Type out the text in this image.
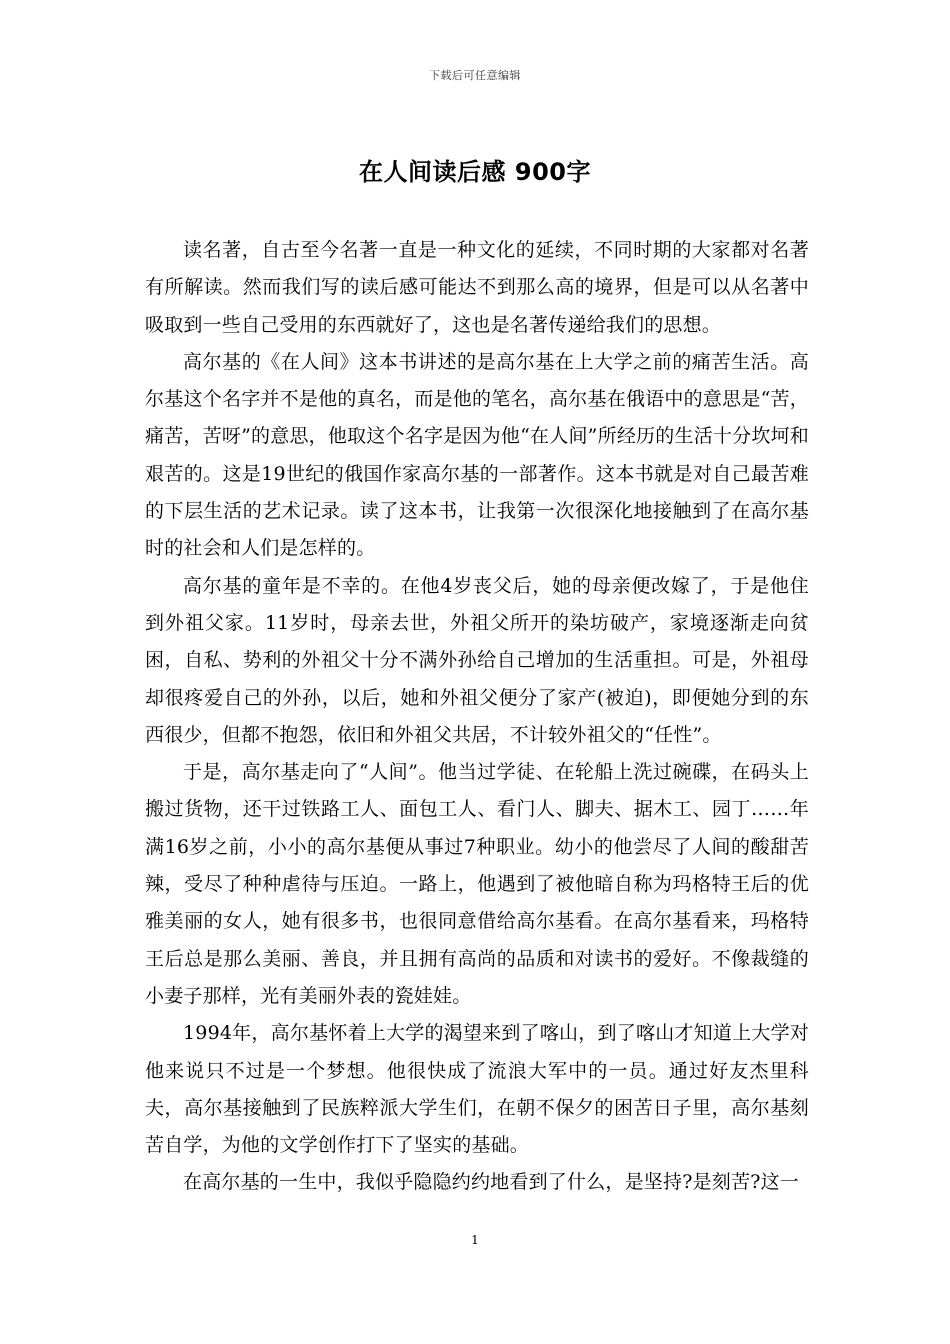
下载后可任意编辑
在人间读后感 900字

读名著，自古至今名著一直是一种文化的延续，不同时期的大家都对名著有所解读。然而我们写的读后感可能达不到那么高的境界，但是可以从名著中吸取到一些自己受用的东西就好了，这也是名著传递给我们的思想。

高尔基的《在人间》这本书讲述的是高尔基在上大学之前的痛苦生活。高尔基这个名字并不是他的真名，而是他的笔名，高尔基在俄语中的意思是“苦，痛苦，苦呀”的意思，他取这个名字是因为他“在人间”所经历的生活十分坎坷和艰苦的。这是19世纪的俄国作家高尔基的一部著作。这本书就是对自己最苦难的下层生活的艺术记录。读了这本书，让我第一次很深化地接触到了在高尔基时的社会和人们是怎样的。

高尔基的童年是不幸的。在他4岁丧父后，她的母亲便改嫁了，于是他住到外祖父家。11岁时，母亲去世，外祖父所开的染坊破产，家境逐渐走向贫困，自私、势利的外祖父十分不满外孙给自己增加的生活重担。可是，外祖母却很疼爱自己的外孙，以后，她和外祖父便分了家产(被迫)，即便她分到的东西很少，但都不抱怨，依旧和外祖父共居，不计较外祖父的“任性”。

于是，高尔基走向了“人间”。他当过学徒、在轮船上洗过碗碟，在码头上搬过货物，还干过铁路工人、面包工人、看门人、脚夫、据木工、园丁……年满16岁之前，小小的高尔基便从事过7种职业。幼小的他尝尽了人间的酸甜苦辣，受尽了种种虐待与压迫。一路上，他遇到了被他暗自称为玛格特王后的优雅美丽的女人，她有很多书，也很同意借给高尔基看。在高尔基看来，玛格特王后总是那么美丽、善良，并且拥有高尚的品质和对读书的爱好。不像裁缝的小妻子那样，光有美丽外表的瓷娃娃。

1994年，高尔基怀着上大学的渴望来到了喀山，到了喀山才知道上大学对他来说只不过是一个梦想。他很快成了流浪大军中的一员。通过好友杰里科夫，高尔基接触到了民族粹派大学生们，在朝不保夕的困苦日子里，高尔基刻苦自学，为他的文学创作打下了坚实的基础。

在高尔基的一生中，我似乎隐隐约约地看到了什么，是坚持?是刻苦?这一

1
